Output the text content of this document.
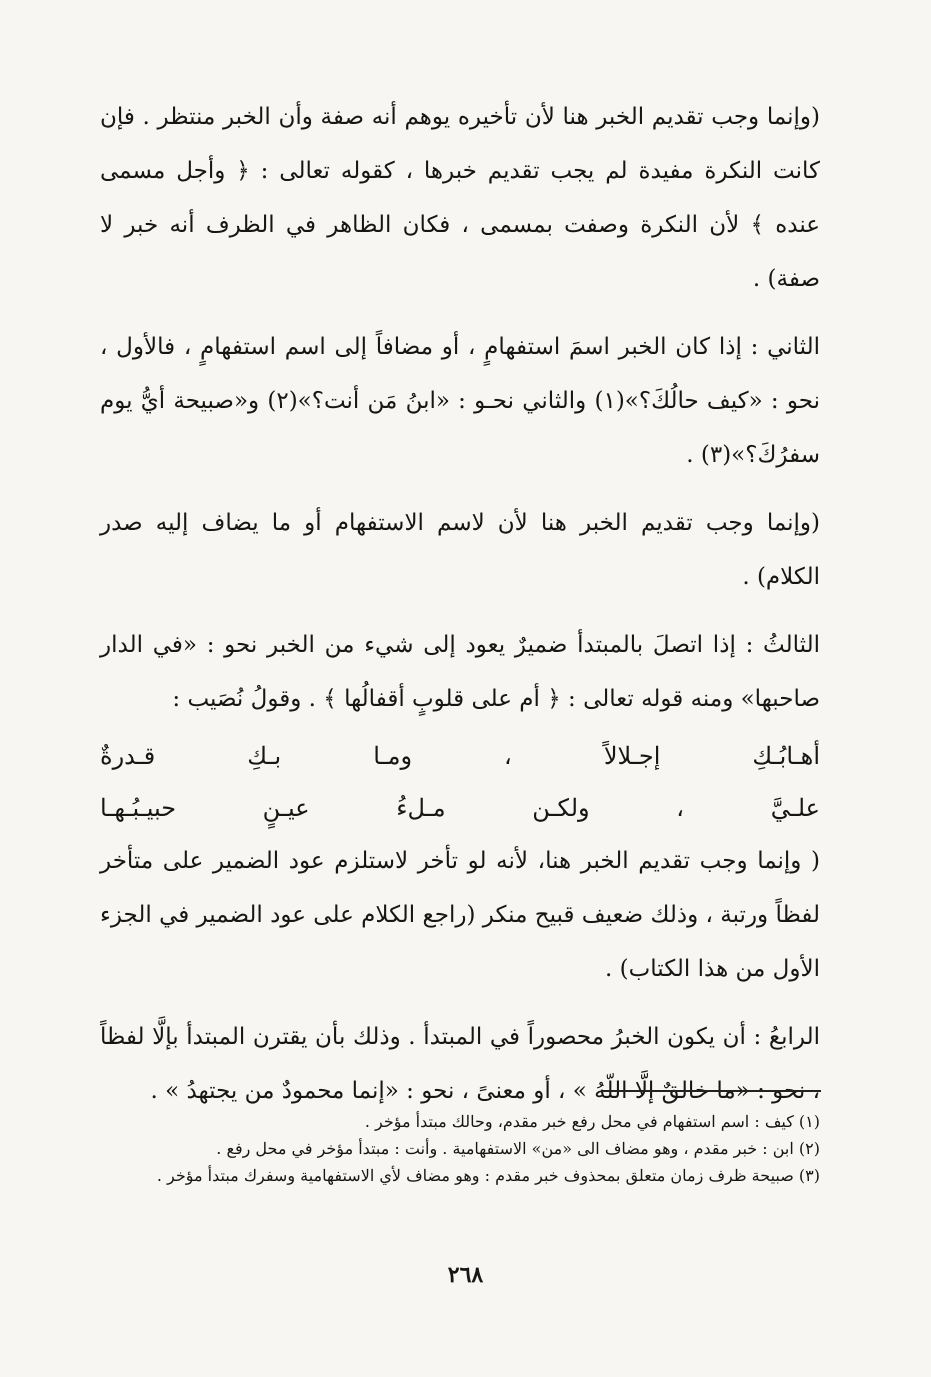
(وإنما وجب تقديم الخبر هنا لأن تأخيره يوهم أنه صفة وأن الخبر منتظر . فإن كانت النكرة مفيدة لم يجب تقديم خبرها ، كقوله تعالى : ﴿ وأجل مسمى عنده ﴾ لأن النكرة وصفت بمسمى ، فكان الظاهر في الظرف أنه خبر لا صفة) .

الثاني : إذا كان الخبر اسمَ استفهامٍ ، أو مضافاً إلى اسم استفهامٍ ، فالأول ، نحو : «كيف حالُكَ؟»(١) والثاني نحـو : «ابنُ مَن أنت؟»(٢) و«صبيحة أيُّ يوم سفرُكَ؟»(٣) .

(وإنما وجب تقديم الخبر هنا لأن لاسم الاستفهام أو ما يضاف إليه صدر الكلام) .

الثالثُ : إذا اتصلَ بالمبتدأ ضميرٌ يعود إلى شيء من الخبر نحو : «في الدار صاحبها» ومنه قوله تعالى : ﴿ أم على قلوبٍ أقفالُها ﴾ . وقولُ نُصَيب :

أهـابُـكِ إجـلالاً ، ومـا بـكِ قـدرةٌ
علـيَّ ، ولكـن مـلءُ عيـنٍ حبيـبُـهـا

( وإنما وجب تقديم الخبر هنا، لأنه لو تأخر لاستلزم عود الضمير على متأخر لفظاً ورتبة ، وذلك ضعيف قبيح منكر (راجع الكلام على عود الضمير في الجزء الأول من هذا الكتاب) .

الرابعُ : أن يكون الخبرُ محصوراً في المبتدأ . وذلك بأن يقترن المبتدأ بإلَّا لفظاً ، نحو : «ما خالقٌ إلَّا اللّهُ » ، أو معنىً ، نحو : «إنما محمودٌ من يجتهدُ » .

(١) كيف : اسم استفهام في محل رفع خبر مقدم، وحالك مبتدأ مؤخر .

(٢) ابن : خبر مقدم ، وهو مضاف الى «من» الاستفهامية . وأنت : مبتدأ مؤخر في محل رفع .

(٣) صبيحة ظرف زمان متعلق بمحذوف خبر مقدم : وهو مضاف لأي الاستفهامية وسفرك مبتدأ مؤخر .

٢٦٨
